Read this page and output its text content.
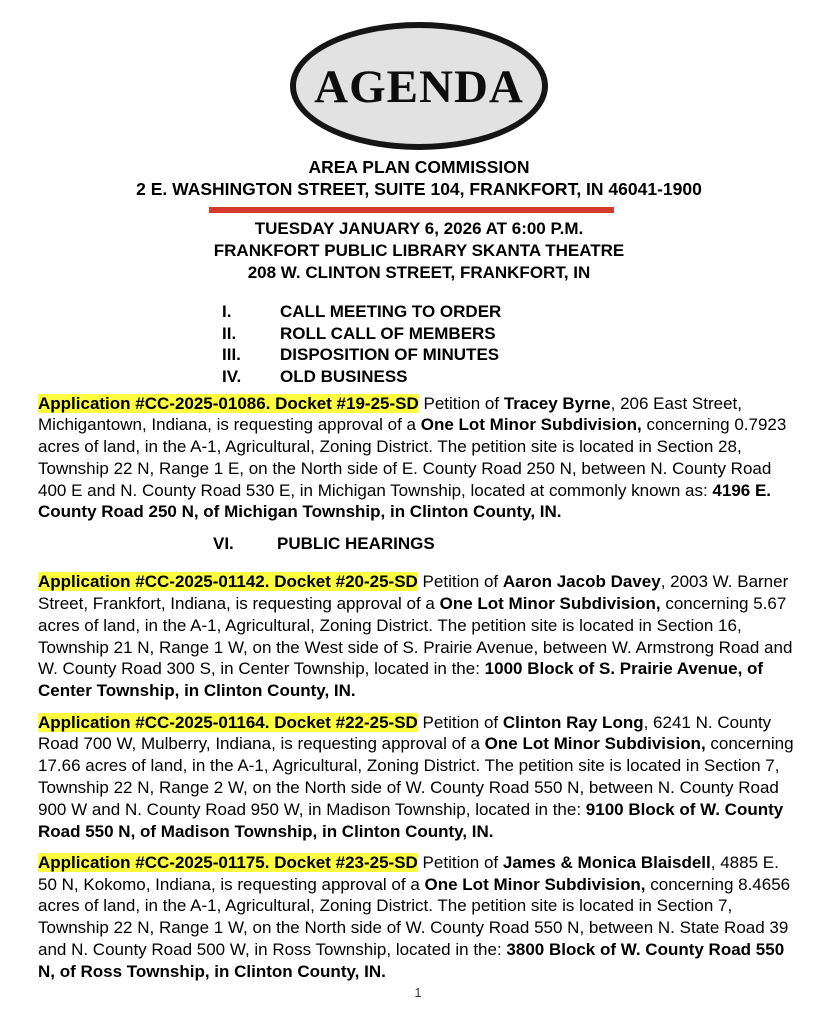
AGENDA
AREA PLAN COMMISSION
2 E. WASHINGTON STREET, SUITE 104, FRANKFORT, IN 46041-1900
TUESDAY JANUARY 6, 2026 AT 6:00 P.M.
FRANKFORT PUBLIC LIBRARY SKANTA THEATRE
208 W. CLINTON STREET, FRANKFORT, IN
I.	CALL MEETING TO ORDER
II.	ROLL CALL OF MEMBERS
III.	DISPOSITION OF MINUTES
IV.	OLD BUSINESS

Application #CC-2025-01086. Docket #19-25-SD Petition of Tracey Byrne, 206 East Street, Michigantown, Indiana, is requesting approval of a One Lot Minor Subdivision, concerning 0.7923 acres of land, in the A-1, Agricultural, Zoning District. The petition site is located in Section 28, Township 22 N, Range 1 E, on the North side of E. County Road 250 N, between N. County Road 400 E and N. County Road 530 E, in Michigan Township, located at commonly known as: 4196 E. County Road 250 N, of Michigan Township, in Clinton County, IN.

VI.	PUBLIC HEARINGS

Application #CC-2025-01142. Docket #20-25-SD Petition of Aaron Jacob Davey, 2003 W. Barner Street, Frankfort, Indiana, is requesting approval of a One Lot Minor Subdivision, concerning 5.67 acres of land, in the A-1, Agricultural, Zoning District. The petition site is located in Section 16, Township 21 N, Range 1 W, on the West side of S. Prairie Avenue, between W. Armstrong Road and W. County Road 300 S, in Center Township, located in the: 1000 Block of S. Prairie Avenue, of Center Township, in Clinton County, IN.

Application #CC-2025-01164. Docket #22-25-SD Petition of Clinton Ray Long, 6241 N. County Road 700 W, Mulberry, Indiana, is requesting approval of a One Lot Minor Subdivision, concerning 17.66 acres of land, in the A-1, Agricultural, Zoning District. The petition site is located in Section 7, Township 22 N, Range 2 W, on the North side of W. County Road 550 N, between N. County Road 900 W and N. County Road 950 W, in Madison Township, located in the: 9100 Block of W. County Road 550 N, of Madison Township, in Clinton County, IN.

Application #CC-2025-01175. Docket #23-25-SD Petition of James & Monica Blaisdell, 4885 E. 50 N, Kokomo, Indiana, is requesting approval of a One Lot Minor Subdivision, concerning 8.4656 acres of land, in the A-1, Agricultural, Zoning District. The petition site is located in Section 7, Township 22 N, Range 1 W, on the North side of W. County Road 550 N, between N. State Road 39 and N. County Road 500 W, in Ross Township, located in the: 3800 Block of W. County Road 550 N, of Ross Township, in Clinton County, IN.

1
